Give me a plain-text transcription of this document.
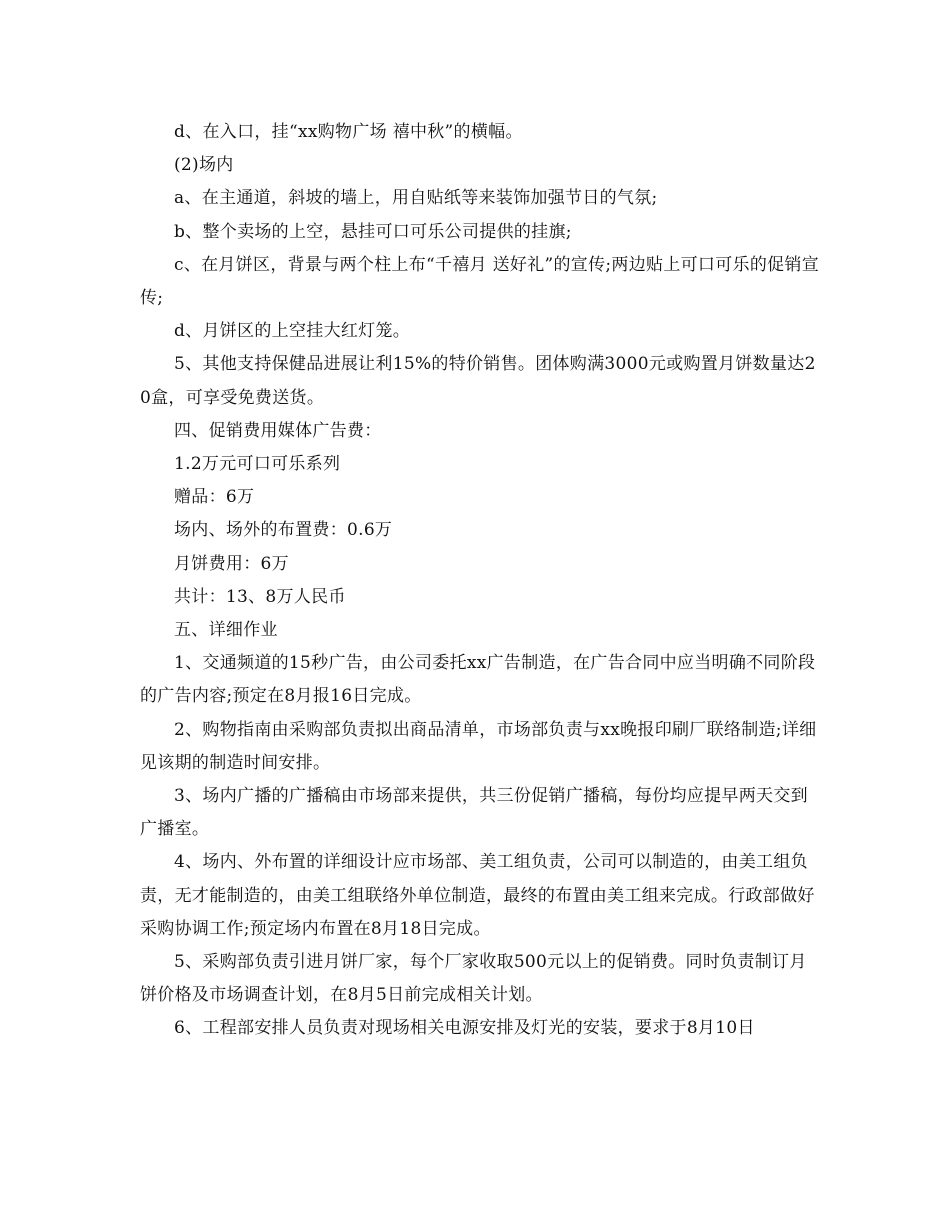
d、在入口，挂“xx购物广场 禧中秋”的横幅。

(2)场内

a、在主通道，斜坡的墙上，用自贴纸等来装饰加强节日的气氛;

b、整个卖场的上空，悬挂可口可乐公司提供的挂旗;

c、在月饼区，背景与两个柱上布“千禧月 送好礼”的宣传;两边贴上可口可乐的促销宣传;

d、月饼区的上空挂大红灯笼。

5、其他支持保健品进展让利15%的特价销售。团体购满3000元或购置月饼数量达20盒，可享受免费送货。

四、促销费用媒体广告费：

1.2万元可口可乐系列

赠品：6万

场内、场外的布置费：0.6万

月饼费用：6万

共计：13、8万人民币

五、详细作业

1、交通频道的15秒广告，由公司委托xx广告制造，在广告合同中应当明确不同阶段的广告内容;预定在8月报16日完成。

2、购物指南由采购部负责拟出商品清单，市场部负责与xx晚报印刷厂联络制造;详细见该期的制造时间安排。

3、场内广播的广播稿由市场部来提供，共三份促销广播稿，每份均应提早两天交到广播室。

4、场内、外布置的详细设计应市场部、美工组负责，公司可以制造的，由美工组负责，无才能制造的，由美工组联络外单位制造，最终的布置由美工组来完成。行政部做好采购协调工作;预定场内布置在8月18日完成。

5、采购部负责引进月饼厂家，每个厂家收取500元以上的促销费。同时负责制订月饼价格及市场调查计划，在8月5日前完成相关计划。

6、工程部安排人员负责对现场相关电源安排及灯光的安装，要求于8月10日
